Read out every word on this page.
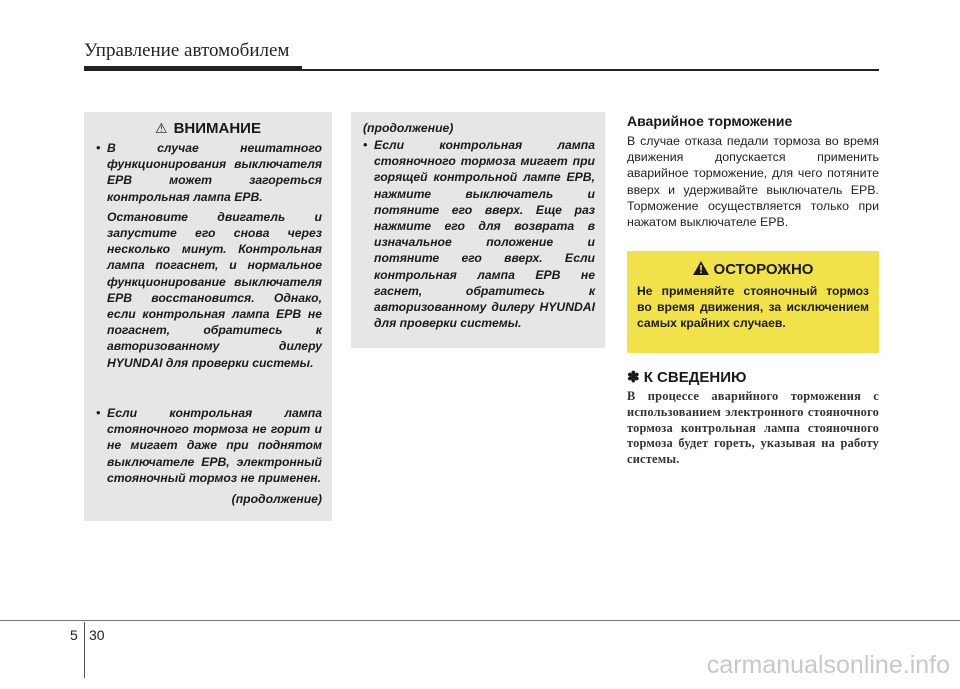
Управление автомобилем
⚠ ВНИМАНИЕ
• В случае нештатного функционирования выключателя EPB может загореться контрольная лампа EPB.
Остановите двигатель и запустите его снова через несколько минут. Контрольная лампа погаснет, и нормальное функционирование выключателя EPB восстановится. Однако, если контрольная лампа EPB не погаснет, обратитесь к авторизованному дилеру HYUNDAI для проверки системы.
• Если контрольная лампа стояночного тормоза не горит и не мигает даже при поднятом выключателе EPB, электронный стояночный тормоз не применен.
(продолжение)
(продолжение)
• Если контрольная лампа стояночного тормоза мигает при горящей контрольной лампе EPB, нажмите выключатель и потяните его вверх. Еще раз нажмите его для возврата в изначальное положение и потяните его вверх. Если контрольная лампа EPB не гаснет, обратитесь к авторизованному дилеру HYUNDAI для проверки системы.
Аварийное торможение
В случае отказа педали тормоза во время движения допускается применить аварийное торможение, для чего потяните вверх и удерживайте выключатель EPB. Торможение осуществляется только при нажатом выключателе EPB.
ОСТОРОЖНО
Не применяйте стояночный тормоз во время движения, за исключением самых крайних случаев.
✽ К СВЕДЕНИЮ
В процессе аварийного торможения с использованием электронного стояночного тормоза контрольная лампа стояночного тормоза будет гореть, указывая на работу системы.
5 30
carmanualsonline.info
